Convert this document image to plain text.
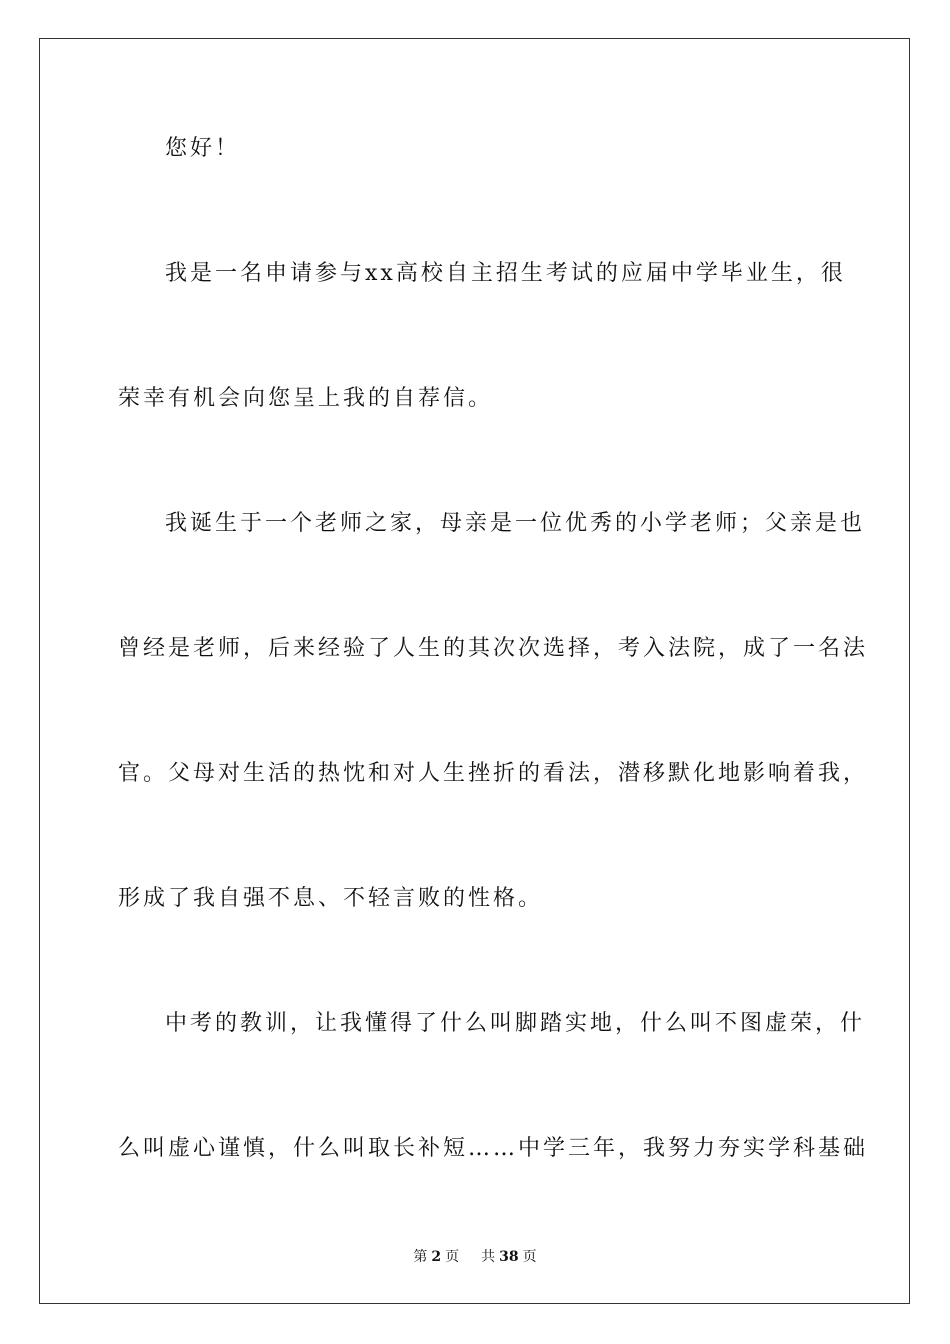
您好！
我是一名申请参与xx高校自主招生考试的应届中学毕业生，很
荣幸有机会向您呈上我的自荐信。
我诞生于一个老师之家，母亲是一位优秀的小学老师；父亲是也
曾经是老师，后来经验了人生的其次次选择，考入法院，成了一名法
官。父母对生活的热忱和对人生挫折的看法，潜移默化地影响着我，
形成了我自强不息、不轻言败的性格。
中考的教训，让我懂得了什么叫脚踏实地，什么叫不图虚荣，什
么叫虚心谨慎，什么叫取长补短……中学三年，我努力夯实学科基础
第 2 页 共 38 页
